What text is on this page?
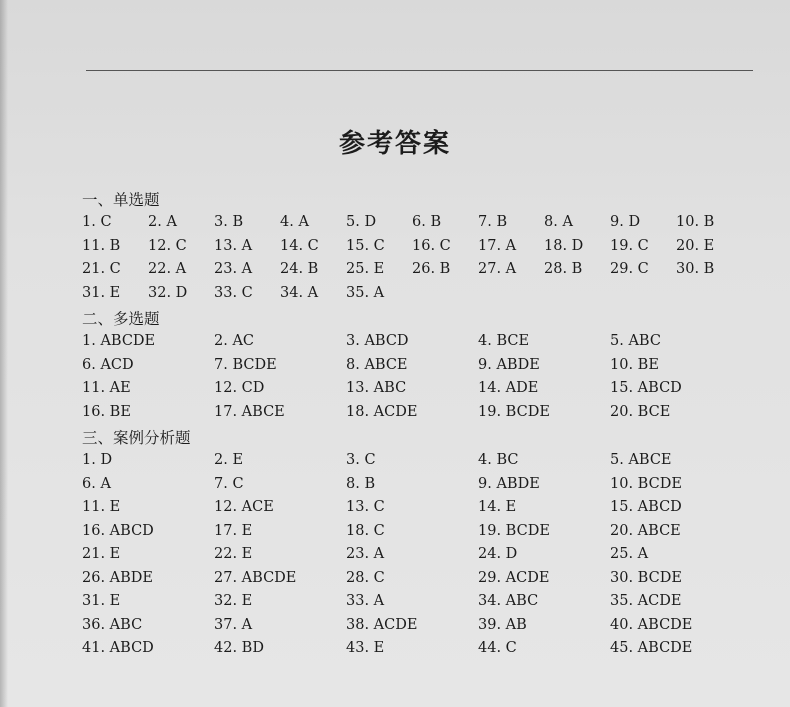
参考答案
一、单选题
1. C	2. A	3. B	4. A	5. D	6. B	7. B	8. A	9. D	10. B
11. B	12. C	13. A	14. C	15. C	16. C	17. A	18. D	19. C	20. E
21. C	22. A	23. A	24. B	25. E	26. B	27. A	28. B	29. C	30. B
31. E	32. D	33. C	34. A	35. A
二、多选题
1. ABCDE	2. AC	3. ABCD	4. BCE	5. ABC
6. ACD	7. BCDE	8. ABCE	9. ABDE	10. BE
11. AE	12. CD	13. ABC	14. ADE	15. ABCD
16. BE	17. ABCE	18. ACDE	19. BCDE	20. BCE
三、案例分析题
1. D	2. E	3. C	4. BC	5. ABCE
6. A	7. C	8. B	9. ABDE	10. BCDE
11. E	12. ACE	13. C	14. E	15. ABCD
16. ABCD	17. E	18. C	19. BCDE	20. ABCE
21. E	22. E	23. A	24. D	25. A
26. ABDE	27. ABCDE	28. C	29. ACDE	30. BCDE
31. E	32. E	33. A	34. ABC	35. ACDE
36. ABC	37. A	38. ACDE	39. AB	40. ABCDE
41. ABCD	42. BD	43. E	44. C	45. ABCDE
